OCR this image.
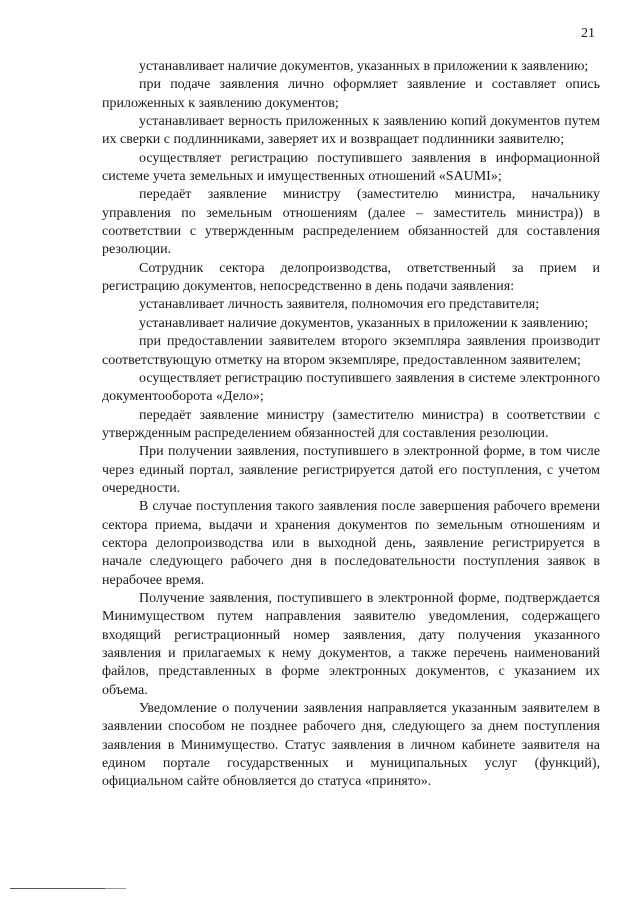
21

устанавливает наличие документов, указанных в приложении к заявлению;

при подаче заявления лично оформляет заявление и составляет опись приложенных к заявлению документов;

устанавливает верность приложенных к заявлению копий документов путем их сверки с подлинниками, заверяет их и возвращает подлинники заявителю;

осуществляет регистрацию поступившего заявления в информационной системе учета земельных и имущественных отношений «SAUMI»;

передаёт заявление министру (заместителю министра, начальнику управления по земельным отношениям (далее – заместитель министра)) в соответствии с утвержденным распределением обязанностей для составления резолюции.

Сотрудник сектора делопроизводства, ответственный за прием и регистрацию документов, непосредственно в день подачи заявления:

устанавливает личность заявителя, полномочия его представителя;

устанавливает наличие документов, указанных в приложении к заявлению;

при предоставлении заявителем второго экземпляра заявления производит соответствующую отметку на втором экземпляре, предоставленном заявителем;

осуществляет регистрацию поступившего заявления в системе электронного документооборота «Дело»;

передаёт заявление министру (заместителю министра) в соответствии с утвержденным распределением обязанностей для составления резолюции.

При получении заявления, поступившего в электронной форме, в том числе через единый портал, заявление регистрируется датой его поступления, с учетом очередности.

В случае поступления такого заявления после завершения рабочего времени сектора приема, выдачи и хранения документов по земельным отношениям и сектора делопроизводства или в выходной день, заявление регистрируется в начале следующего рабочего дня в последовательности поступления заявок в нерабочее время.

Получение заявления, поступившего в электронной форме, подтверждается Минимуществом путем направления заявителю уведомления, содержащего входящий регистрационный номер заявления, дату получения указанного заявления и прилагаемых к нему документов, а также перечень наименований файлов, представленных в форме электронных документов, с указанием их объема.

Уведомление о получении заявления направляется указанным заявителем в заявлении способом не позднее рабочего дня, следующего за днем поступления заявления в Минимущество. Статус заявления в личном кабинете заявителя на едином портале государственных и муниципальных услуг (функций), официальном сайте обновляется до статуса «принято».
